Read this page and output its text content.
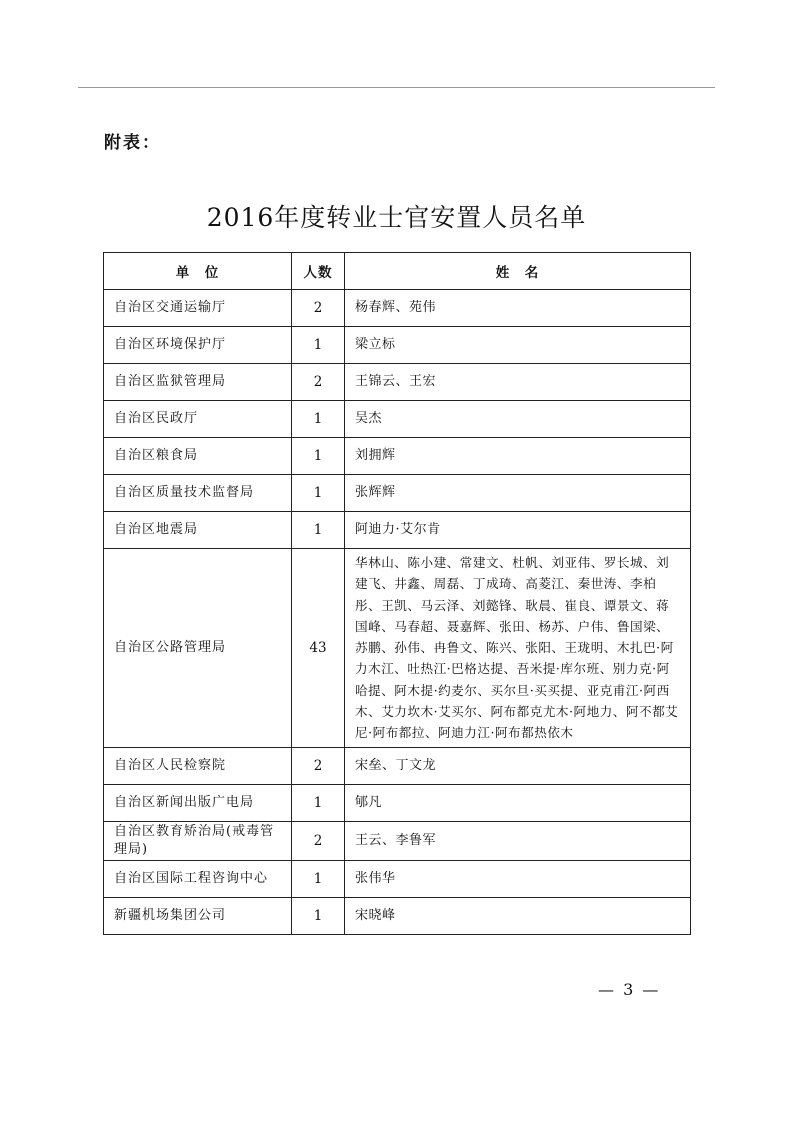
附表：
2016年度转业士官安置人员名单
单　位	人数	姓　名
自治区交通运输厅	2	杨春辉、苑伟
自治区环境保护厅	1	梁立标
自治区监狱管理局	2	王锦云、王宏
自治区民政厅	1	吴杰
自治区粮食局	1	刘拥辉
自治区质量技术监督局	1	张辉辉
自治区地震局	1	阿迪力·艾尔肯
自治区公路管理局	43	华林山、陈小建、常建文、杜帆、刘亚伟、罗长城、刘建飞、井鑫、周磊、丁成琦、高菱江、秦世涛、李柏彤、王凯、马云泽、刘懿锋、耿晨、崔良、谭景文、蒋国峰、马春超、聂嘉辉、张田、杨苏、户伟、鲁国梁、苏鹏、孙伟、冉鲁文、陈兴、张阳、王珑明、木扎巴·阿力木江、吐热江·巴格达提、吾米提·库尔班、别力克·阿哈提、阿木提·约麦尔、买尔旦·买买提、亚克甫江·阿西木、艾力坎木·艾买尔、阿布都克尤木·阿地力、阿不都艾尼·阿布都拉、阿迪力江·阿布都热依木
自治区人民检察院	2	宋垒、丁文龙
自治区新闻出版广电局	1	郇凡
自治区教育矫治局(戒毒管理局)	2	王云、李鲁军
自治区国际工程咨询中心	1	张伟华
新疆机场集团公司	1	宋晓峰
— 3 —
